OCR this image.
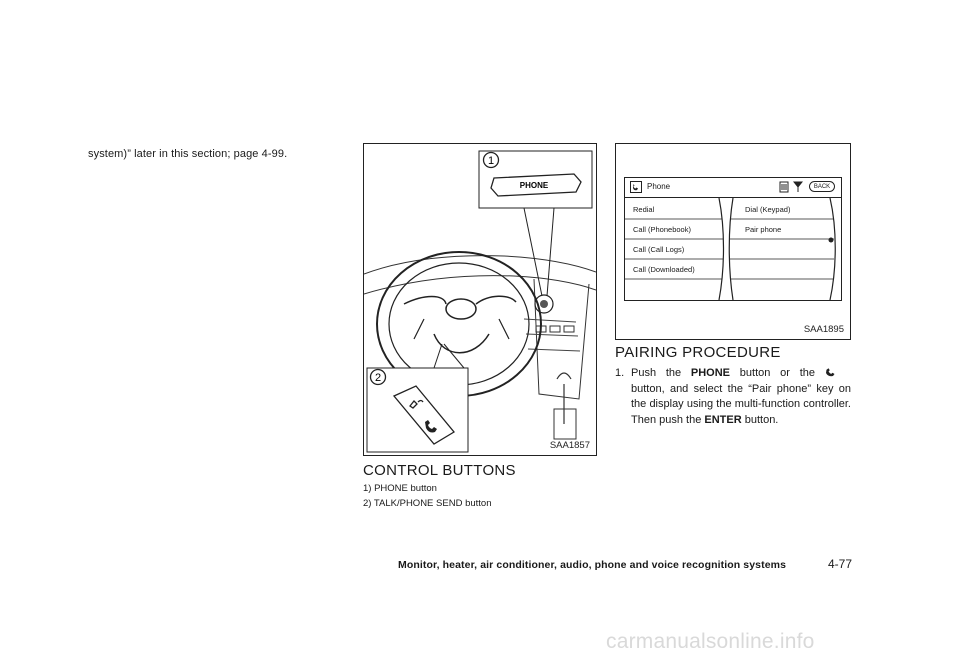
system)” later in this section; page 4-99.
1
PHONE
2
SAA1857
CONTROL BUTTONS
1) PHONE button
2) TALK/PHONE SEND button
Phone	BACK
Redial
Call (Phonebook)
Call (Call Logs)
Call (Downloaded)
Dial (Keypad)
Pair phone
SAA1895
PAIRING PROCEDURE
1. Push the PHONE button or thebutton, and select the “Pair phone” key on the display using the multi-function controller. Then push the ENTER button.
Monitor, heater, air conditioner, audio, phone and voice recognition systems	4-77
carmanualsonline.info
